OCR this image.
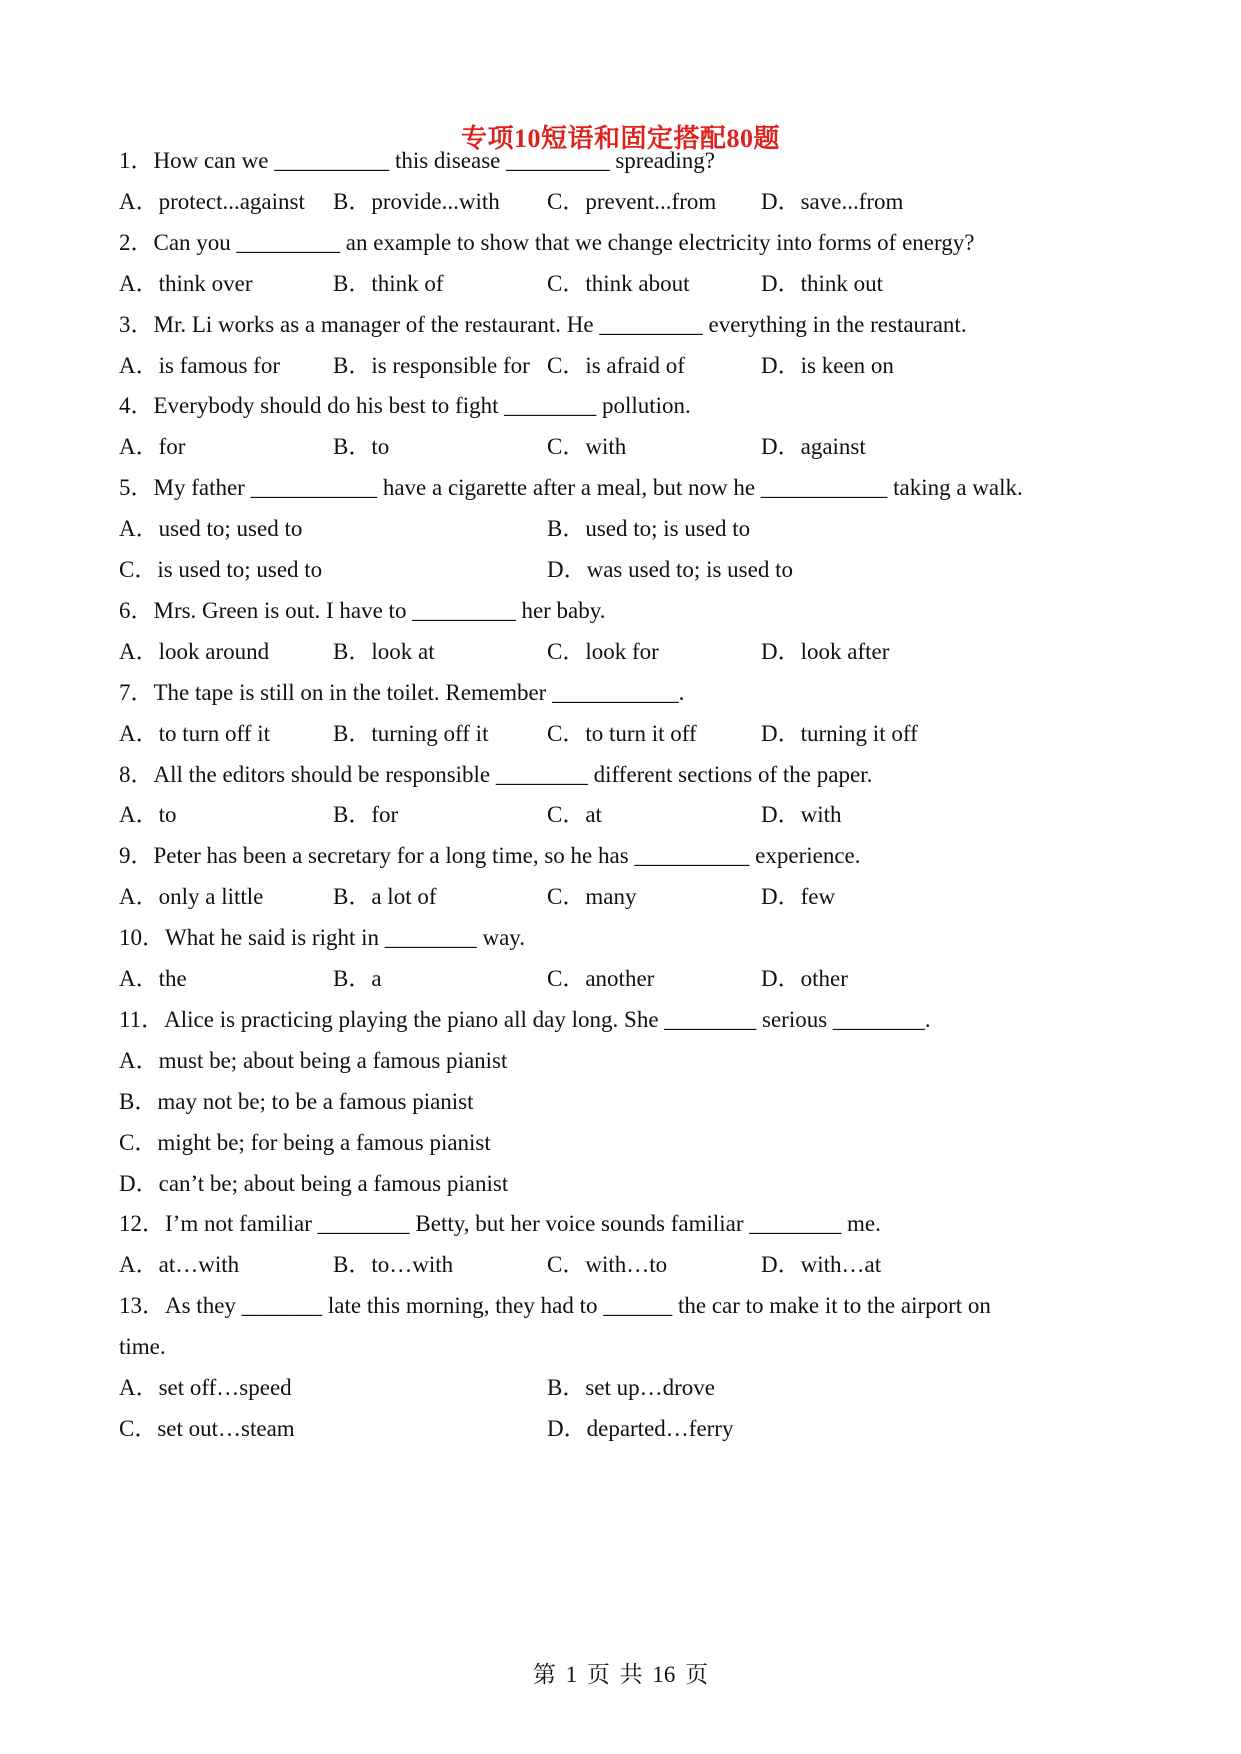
专项10短语和固定搭配80题
1．How can we __________ this disease _________ spreading?
A．protect...against B．provide...with C．prevent...from D．save...from
2．Can you _________ an example to show that we change electricity into forms of energy?
A．think over	B．think of	C．think about	D．think out
3．Mr. Li works as a manager of the restaurant. He _________ everything in the restaurant.
A．is famous for B．is responsible for C．is afraid of	D．is keen on
4．Everybody should do his best to fight ________ pollution.
A．for	B．to	C．with	D．against
5．My father ___________ have a cigarette after a meal, but now he ___________ taking a walk.
A．used to; used to	B．used to; is used to
C．is used to; used to	D．was used to; is used to
6．Mrs. Green is out. I have to _________ her baby.
A．look around	B．look at	C．look for	D．look after
7．The tape is still on in the toilet. Remember ___________.
A．to turn off it	B．turning off it	C．to turn it off	D．turning it off
8．All the editors should be responsible ________ different sections of the paper.
A．to	B．for	C．at	D．with
9．Peter has been a secretary for a long time, so he has __________ experience.
A．only a little	B．a lot of	C．many	D．few
10．What he said is right in ________ way.
A．the	B．a	C．another	D．other
11．Alice is practicing playing the piano all day long. She ________ serious ________.
A．must be; about being a famous pianist
B．may not be; to be a famous pianist
C．might be; for being a famous pianist
D．can’t be; about being a famous pianist
12．I’m not familiar ________ Betty, but her voice sounds familiar ________ me.
A．at…with	B．to…with	C．with…to	D．with…at
13．As they _______ late this morning, they had to ______ the car to make it to the airport on
time.
A．set off…speed	B．set up…drove
C．set out…steam	D．departed…ferry
第 1 页 共 16 页
